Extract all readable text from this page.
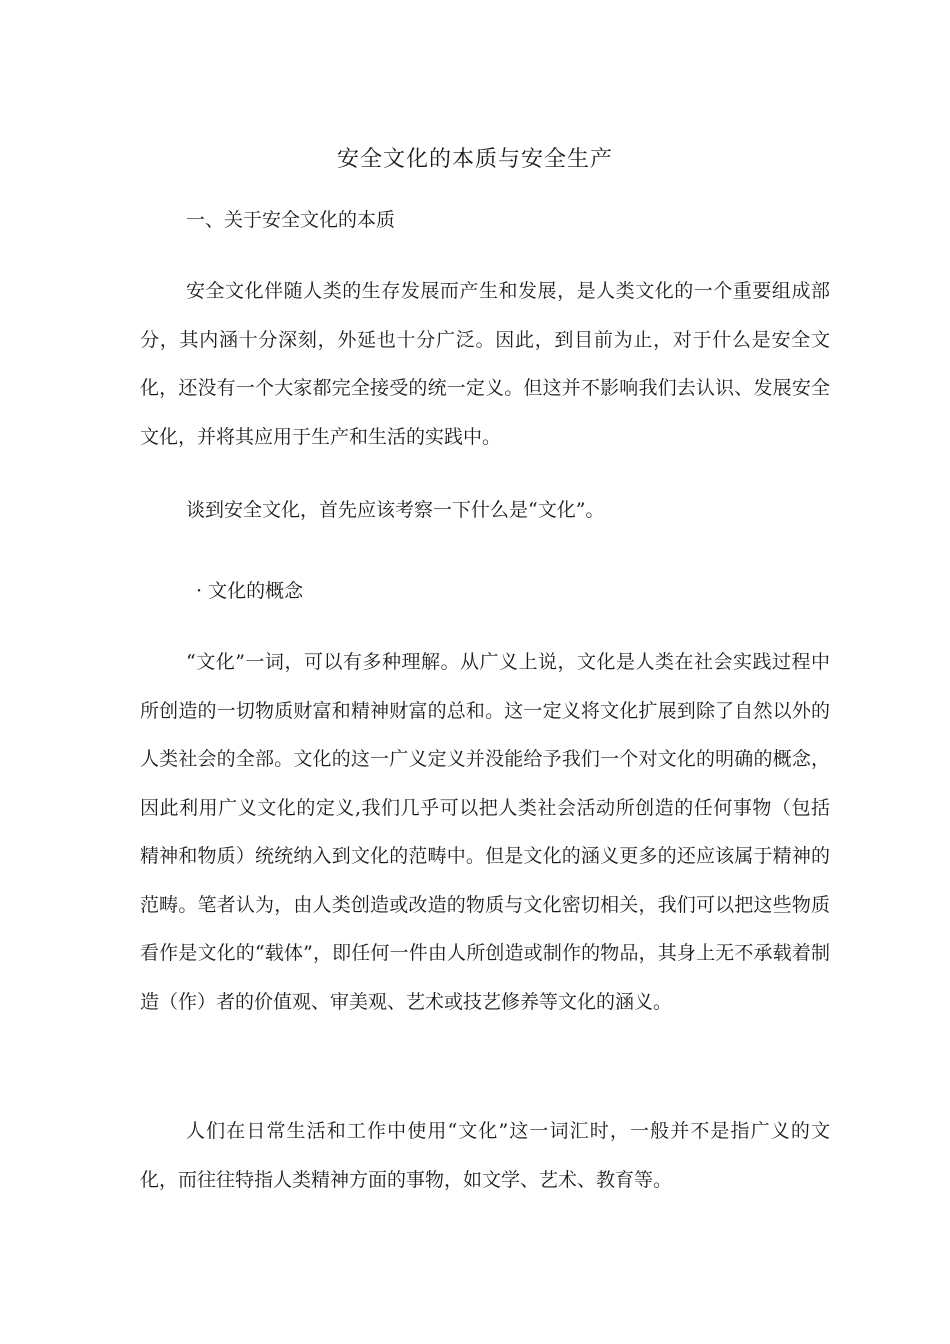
安全文化的本质与安全生产
一、关于安全文化的本质

安全文化伴随人类的生存发展而产生和发展，是人类文化的一个重要组成部分，其内涵十分深刻，外延也十分广泛。因此，到目前为止，对于什么是安全文化，还没有一个大家都完全接受的统一定义。但这并不影响我们去认识、发展安全文化，并将其应用于生产和生活的实践中。

谈到安全文化，首先应该考察一下什么是“文化”。

· 文化的概念

“文化”一词，可以有多种理解。从广义上说，文化是人类在社会实践过程中所创造的一切物质财富和精神财富的总和。这一定义将文化扩展到除了自然以外的人类社会的全部。文化的这一广义定义并没能给予我们一个对文化的明确的概念，因此利用广义文化的定义,我们几乎可以把人类社会活动所创造的任何事物（包括精神和物质）统统纳入到文化的范畴中。但是文化的涵义更多的还应该属于精神的范畴。笔者认为，由人类创造或改造的物质与文化密切相关，我们可以把这些物质看作是文化的“载体”，即任何一件由人所创造或制作的物品，其身上无不承载着制造（作）者的价值观、审美观、艺术或技艺修养等文化的涵义。

人们在日常生活和工作中使用“文化”这一词汇时，一般并不是指广义的文化，而往往特指人类精神方面的事物，如文学、艺术、教育等。
